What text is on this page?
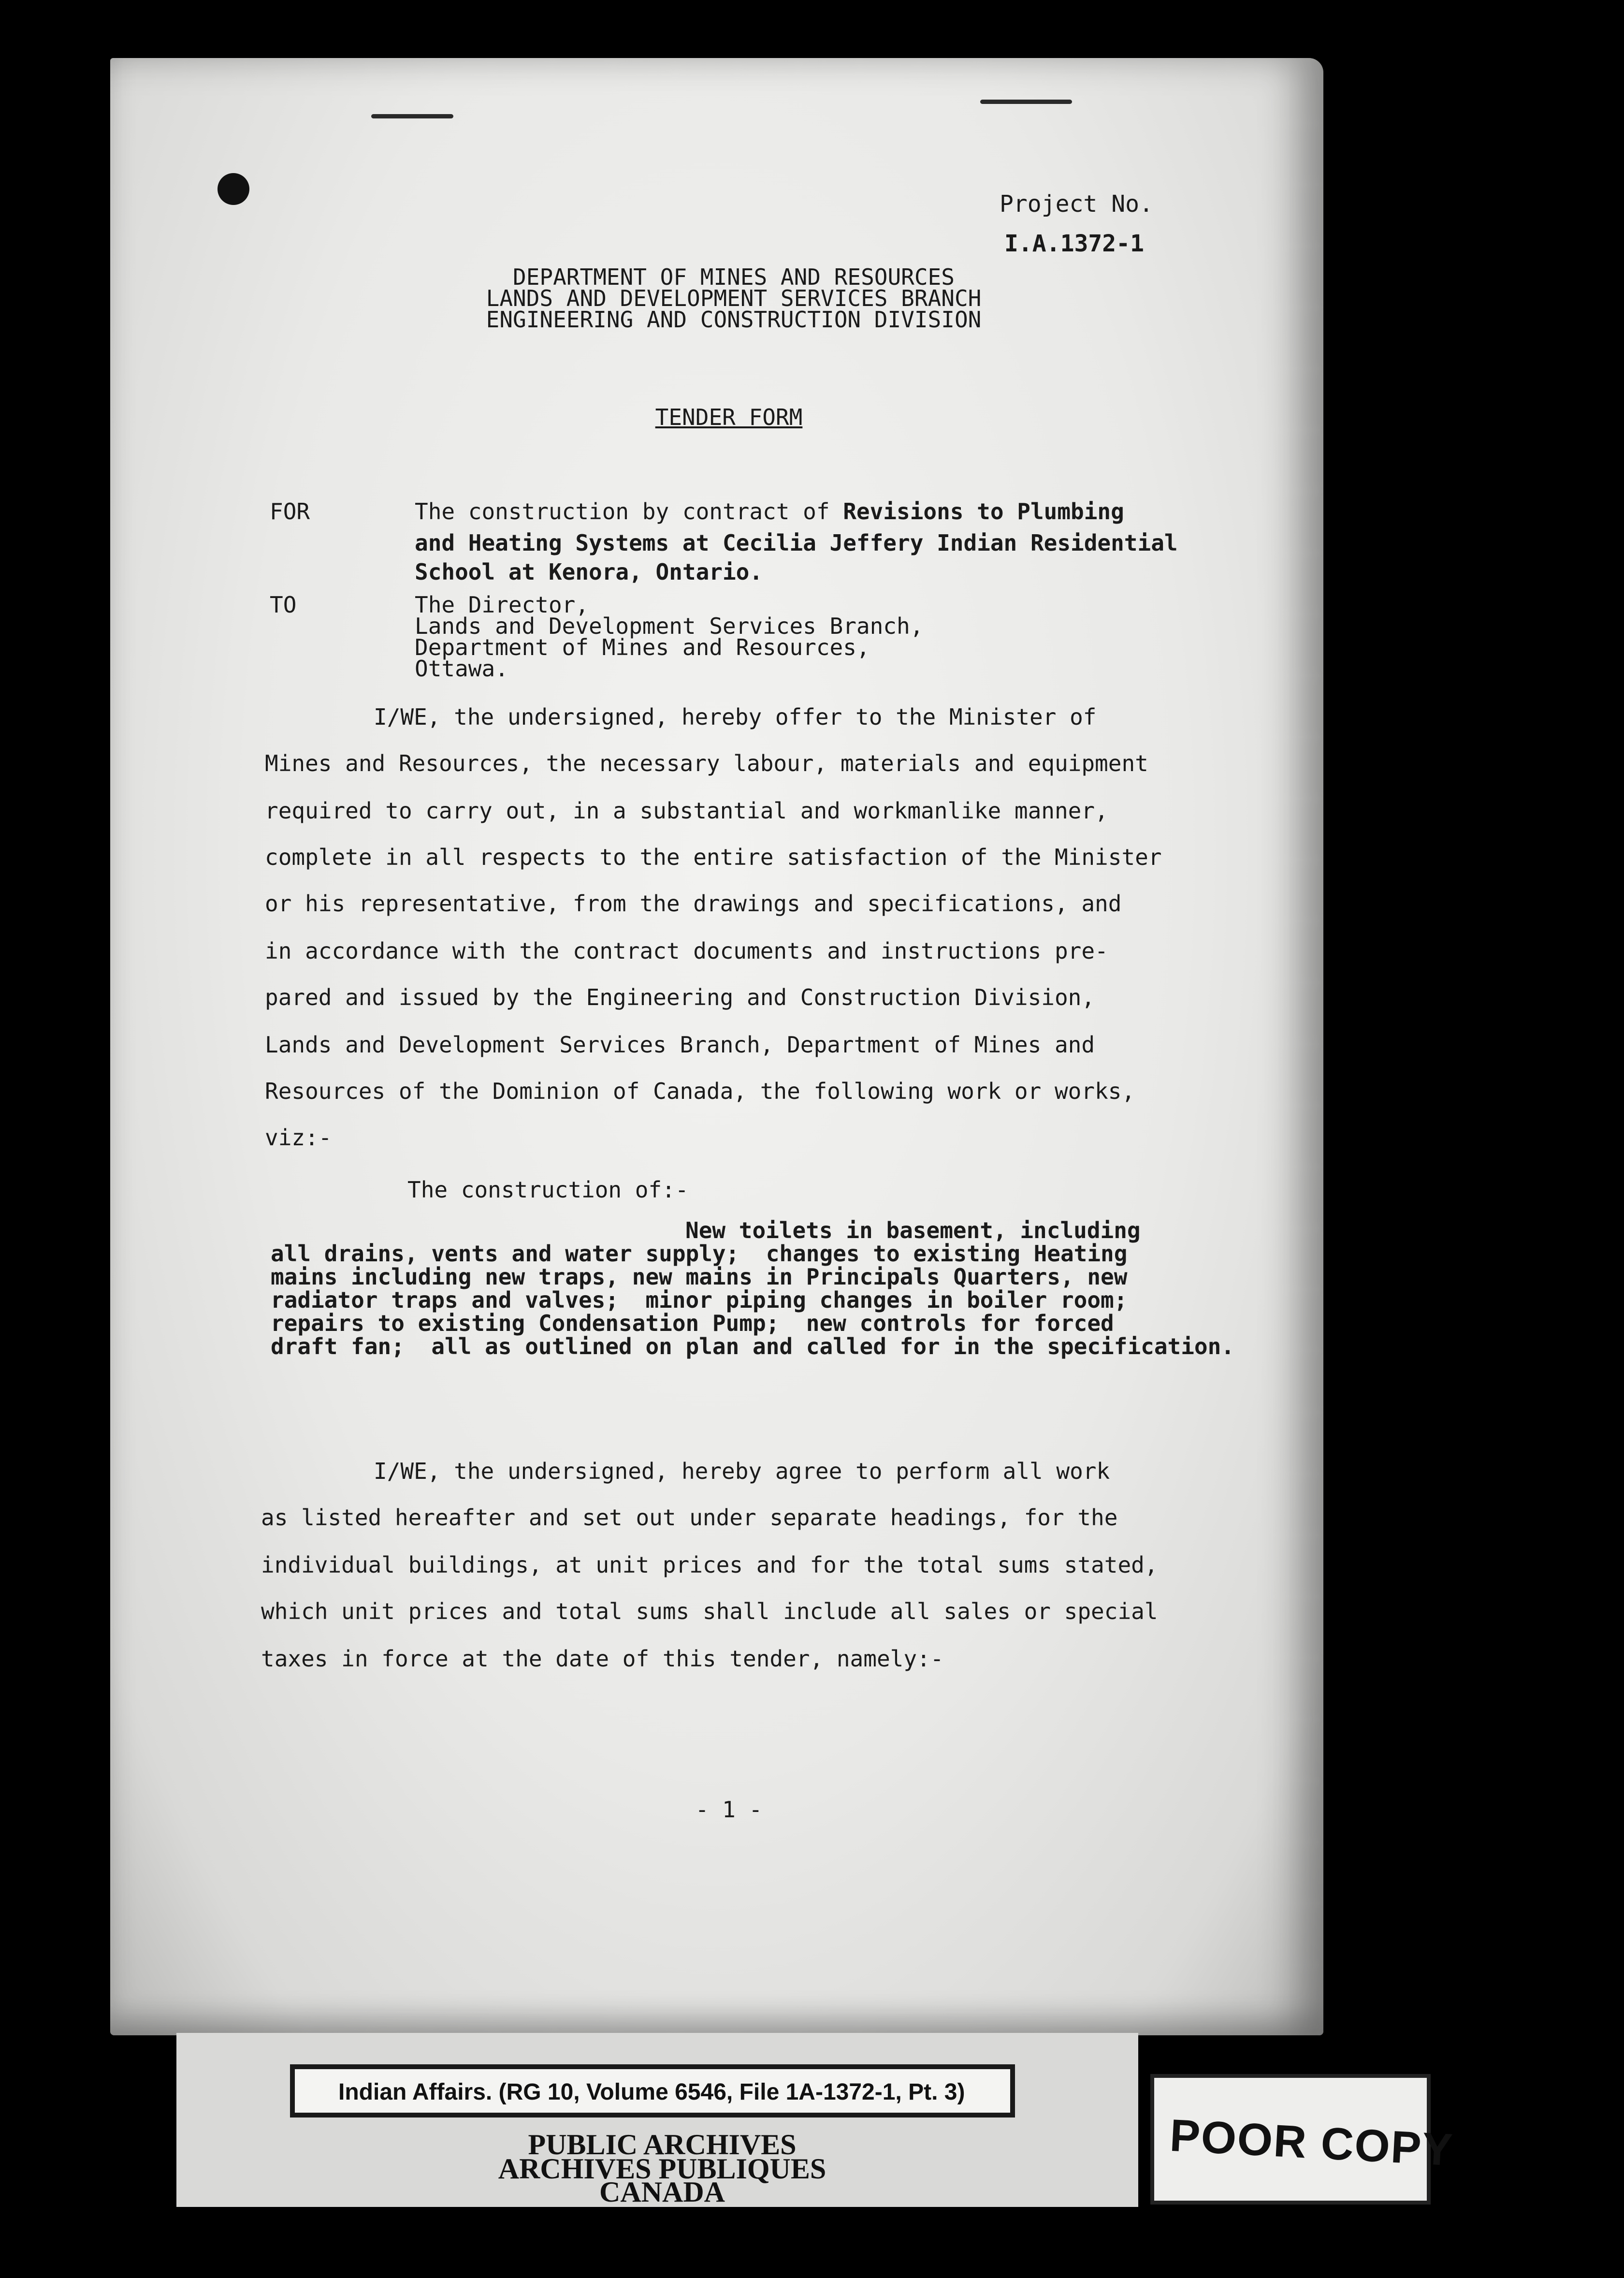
Project No.
I.A.1372-1
DEPARTMENT OF MINES AND RESOURCES
LANDS AND DEVELOPMENT SERVICES BRANCH
ENGINEERING AND CONSTRUCTION DIVISION
TENDER FORM
FOR	The construction by contract of Revisions to Plumbing
and Heating Systems at Cecilia Jeffery Indian Residential
School at Kenora, Ontario.
TO	The Director,
Lands and Development Services Branch,
Department of Mines and Resources,
Ottawa.
I/WE, the undersigned, hereby offer to the Minister of
Mines and Resources, the necessary labour, materials and equipment
required to carry out, in a substantial and workmanlike manner,
complete in all respects to the entire satisfaction of the Minister
or his representative, from the drawings and specifications, and
in accordance with the contract documents and instructions pre-
pared and issued by the Engineering and Construction Division,
Lands and Development Services Branch, Department of Mines and
Resources of the Dominion of Canada, the following work or works,
viz:-
The construction of:-
New toilets in basement, including
all drains, vents and water supply;  changes to existing Heating
mains including new traps, new mains in Principals Quarters, new
radiator traps and valves;  minor piping changes in boiler room;
repairs to existing Condensation Pump;  new controls for forced
draft fan;  all as outlined on plan and called for in the specification.
I/WE, the undersigned, hereby agree to perform all work
as listed hereafter and set out under separate headings, for the
individual buildings, at unit prices and for the total sums stated,
which unit prices and total sums shall include all sales or special
taxes in force at the date of this tender, namely:-
- 1 -
Indian Affairs. (RG 10, Volume 6546, File 1A-1372-1, Pt. 3)
PUBLIC ARCHIVES
ARCHIVES PUBLIQUES
CANADA
POOR COPY
